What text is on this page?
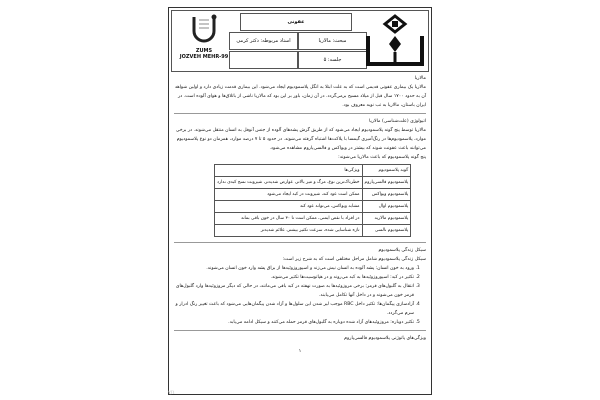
ZUMS
JOZVEH MEHR-99
عفونی
استاد مربوطه: دکتر کرمی	مبحث: مالاریا
جلسه: ۵
مالاریا
مالاریا یک بیماری عفونی قدیمی است که به علت ابتلا به انگل پلاسمودیوم ایجاد می‌شود. این بیماری قدمت زیادی دارد و اولین شواهد آن به حدود ۱۷۰۰ سال قبل از میلاد مسیح برمی‌گردد. در آن زمان، باور بر این بود که مالاریا ناشی از باتلاق‌ها و هوای آلوده است. در ایران باستان، مالاریا به تب نوبه معروف بود.
اتیولوژی (علت‌شناسی) مالاریا
مالاریا توسط پنج گونه پلاسمودیوم ایجاد می‌شود که از طریق گزش پشه‌های آلوده از جنس آنوفل به انسان منتقل می‌شوند. در برخی موارد، پلاسمودیوم‌ها در رنگ‌آمیزی گیمسا با پلاکت‌ها اشتباه گرفته می‌شوند. در حدود ۵ تا ۷ درصد موارد، همزمان دو نوع پلاسمودیوم می‌توانند باعث عفونت شوند که بیشتر در ویواکس و فالسی‌پاروم مشاهده می‌شود.
پنج گونه پلاسمودیوم که باعث مالاریا می‌شوند:
گونه پلاسمودیوم	ویژگی‌ها
پلاسمودیوم فالسی‌پاروم	خطرناک‌ترین نوع، مرگ و میر بالاتر، عوارض شدیدتر، شیزونت نسج کبدی ندارد
پلاسمودیوم ویواکس	ممکن است عود کند، شیزونت در کبد ایجاد می‌شود
پلاسمودیوم اوال	مشابه ویواکس، می‌تواند عود کند
پلاسمودیوم مالاریه	در افراد با نقص ایمنی، ممکن است تا ۳۰ سال در خون باقی بماند
پلاسمودیوم نالسی	تازه شناسایی شده، سرعت تکثیر بیشتر، علائم شدیدتر
سیکل زندگی پلاسمودیوم
سیکل زندگی پلاسمودیوم شامل مراحل مختلفی است که به شرح زیر است:
1. ورود به خون انسان: پشه آلوده به انسان نیش می‌زند و اسپوروزوئیدها از بزاق پشه وارد خون انسان می‌شوند.
2. تکثیر در کبد: اسپوروزوئیدها به کبد می‌روند و در هپاتوسیت‌ها تکثیر می‌شوند.
3. انتقال به گلبول‌های قرمز: برخی مروزوئیدها به صورت نهفته در کبد باقی می‌مانند، در حالی که دیگر مروزوئیدها وارد گلبول‌های قرمز خون می‌شوند و در داخل آنها تکامل می‌یابند.
4. آزادسازی پیگمان‌ها: تکثیر داخل RBC موجب لیز شدن این سلول‌ها و آزاد شدن پیگمان‌هایی می‌شود که باعث تغییر رنگ ادرار و سرم می‌گردد.
5. تکثیر دوباره: مروزوئیدهای آزاد شده دوباره به گلبول‌های قرمز حمله می‌کنند و سیکل ادامه می‌یابد.
ویژگی‌های پاتوژنی پلاسمودیوم فالسی‌پاروم
۱
۷/۱
